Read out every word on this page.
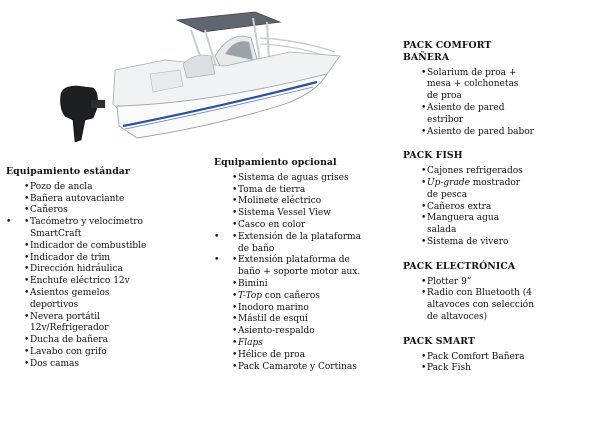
Equipamiento estándar
• Pozo de ancla
• Bañera autovaciante
• Cañeros
• • Tacómetro y velocímetro SmartCraft
• Indicador de combustible
• Indicador de trim
• Dirección hidráulica
• Enchufe eléctrico 12v
• Asientos gemelos deportivos
• Nevera portátil 12v/Refrigerador
• Ducha de bañera
• Lavabo con grifo
• Dos camas
Equipamiento opcional
• Sistema de aguas grises
• Toma de tierra
• Molinete eléctrico
• Sistema Vessel View
• Casco en color
• • Extensión de la plataforma de baño
• • Extensión plataforma de baño + soporte motor aux.
• Bimini
• T-Top con cañeros
• Inodoro marino
• Mástil de esquí
• Asiento-respaldo
• Flaps
• Hélice de proa
• Pack Camarote y Cortinas
PACK COMFORT BAÑERA
• Solarium de proa + mesa + colchonetas de proa
• Asiento de pared estribor
• Asiento de pared babor
PACK FISH
• Cajones refrigerados
• Up-grade mostrador de pesca
• Cañeros extra
• Manguera agua salada
• Sistema de vivero
PACK ELECTRÓNICA
• Plotter 9”
• Radio con Bluetooth (4 altavoces con selección de altavoces)
PACK SMART
• Pack Comfort Bañera
• Pack Fish
